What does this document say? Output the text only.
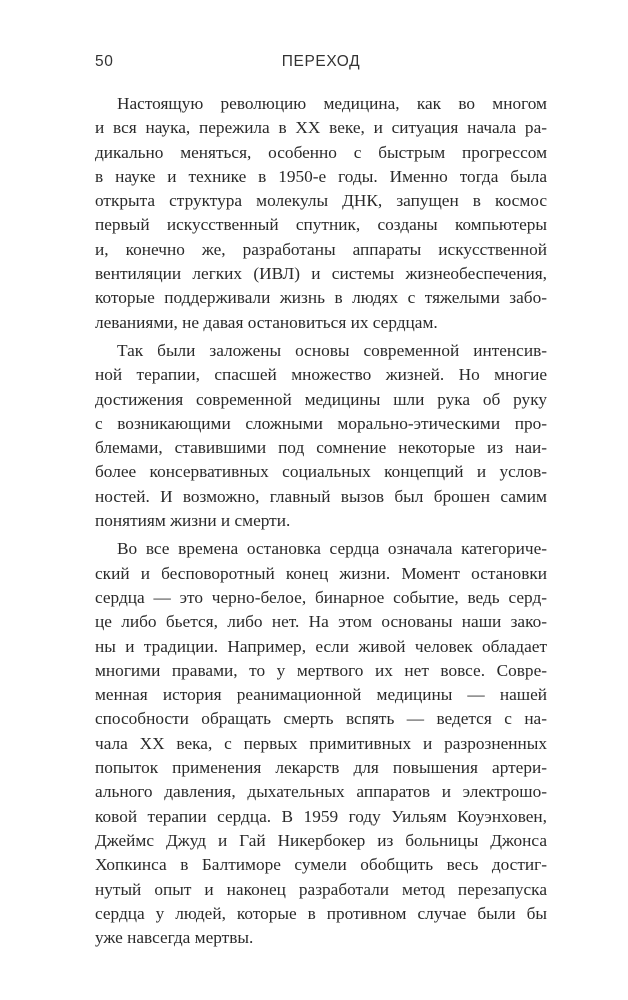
50	ПЕРЕХОД
Настоящую революцию медицина, как во многом
и вся наука, пережила в XX веке, и ситуация начала ра-
дикально меняться, особенно с быстрым прогрессом
в науке и технике в 1950-е годы. Именно тогда была
открыта структура молекулы ДНК, запущен в космос
первый искусственный спутник, созданы компьютеры
и, конечно же, разработаны аппараты искусственной
вентиляции легких (ИВЛ) и системы жизнеобеспечения,
которые поддерживали жизнь в людях с тяжелыми забо-
леваниями, не давая остановиться их сердцам.
Так были заложены основы современной интенсив-
ной терапии, спасшей множество жизней. Но многие
достижения современной медицины шли рука об руку
с возникающими сложными морально-этическими про-
блемами, ставившими под сомнение некоторые из наи-
более консервативных социальных концепций и услов-
ностей. И возможно, главный вызов был брошен самим
понятиям жизни и смерти.
Во все времена остановка сердца означала категориче-
ский и бесповоротный конец жизни. Момент остановки
сердца — это черно-белое, бинарное событие, ведь серд-
це либо бьется, либо нет. На этом основаны наши зако-
ны и традиции. Например, если живой человек обладает
многими правами, то у мертвого их нет вовсе. Совре-
менная история реанимационной медицины — нашей
способности обращать смерть вспять — ведется с на-
чала XX века, с первых примитивных и разрозненных
попыток применения лекарств для повышения артери-
ального давления, дыхательных аппаратов и электрошо-
ковой терапии сердца. В 1959 году Уильям Коуэнховен,
Джеймс Джуд и Гай Никербокер из больницы Джонса
Хопкинса в Балтиморе сумели обобщить весь достиг-
нутый опыт и наконец разработали метод перезапуска
сердца у людей, которые в противном случае были бы
уже навсегда мертвы.
